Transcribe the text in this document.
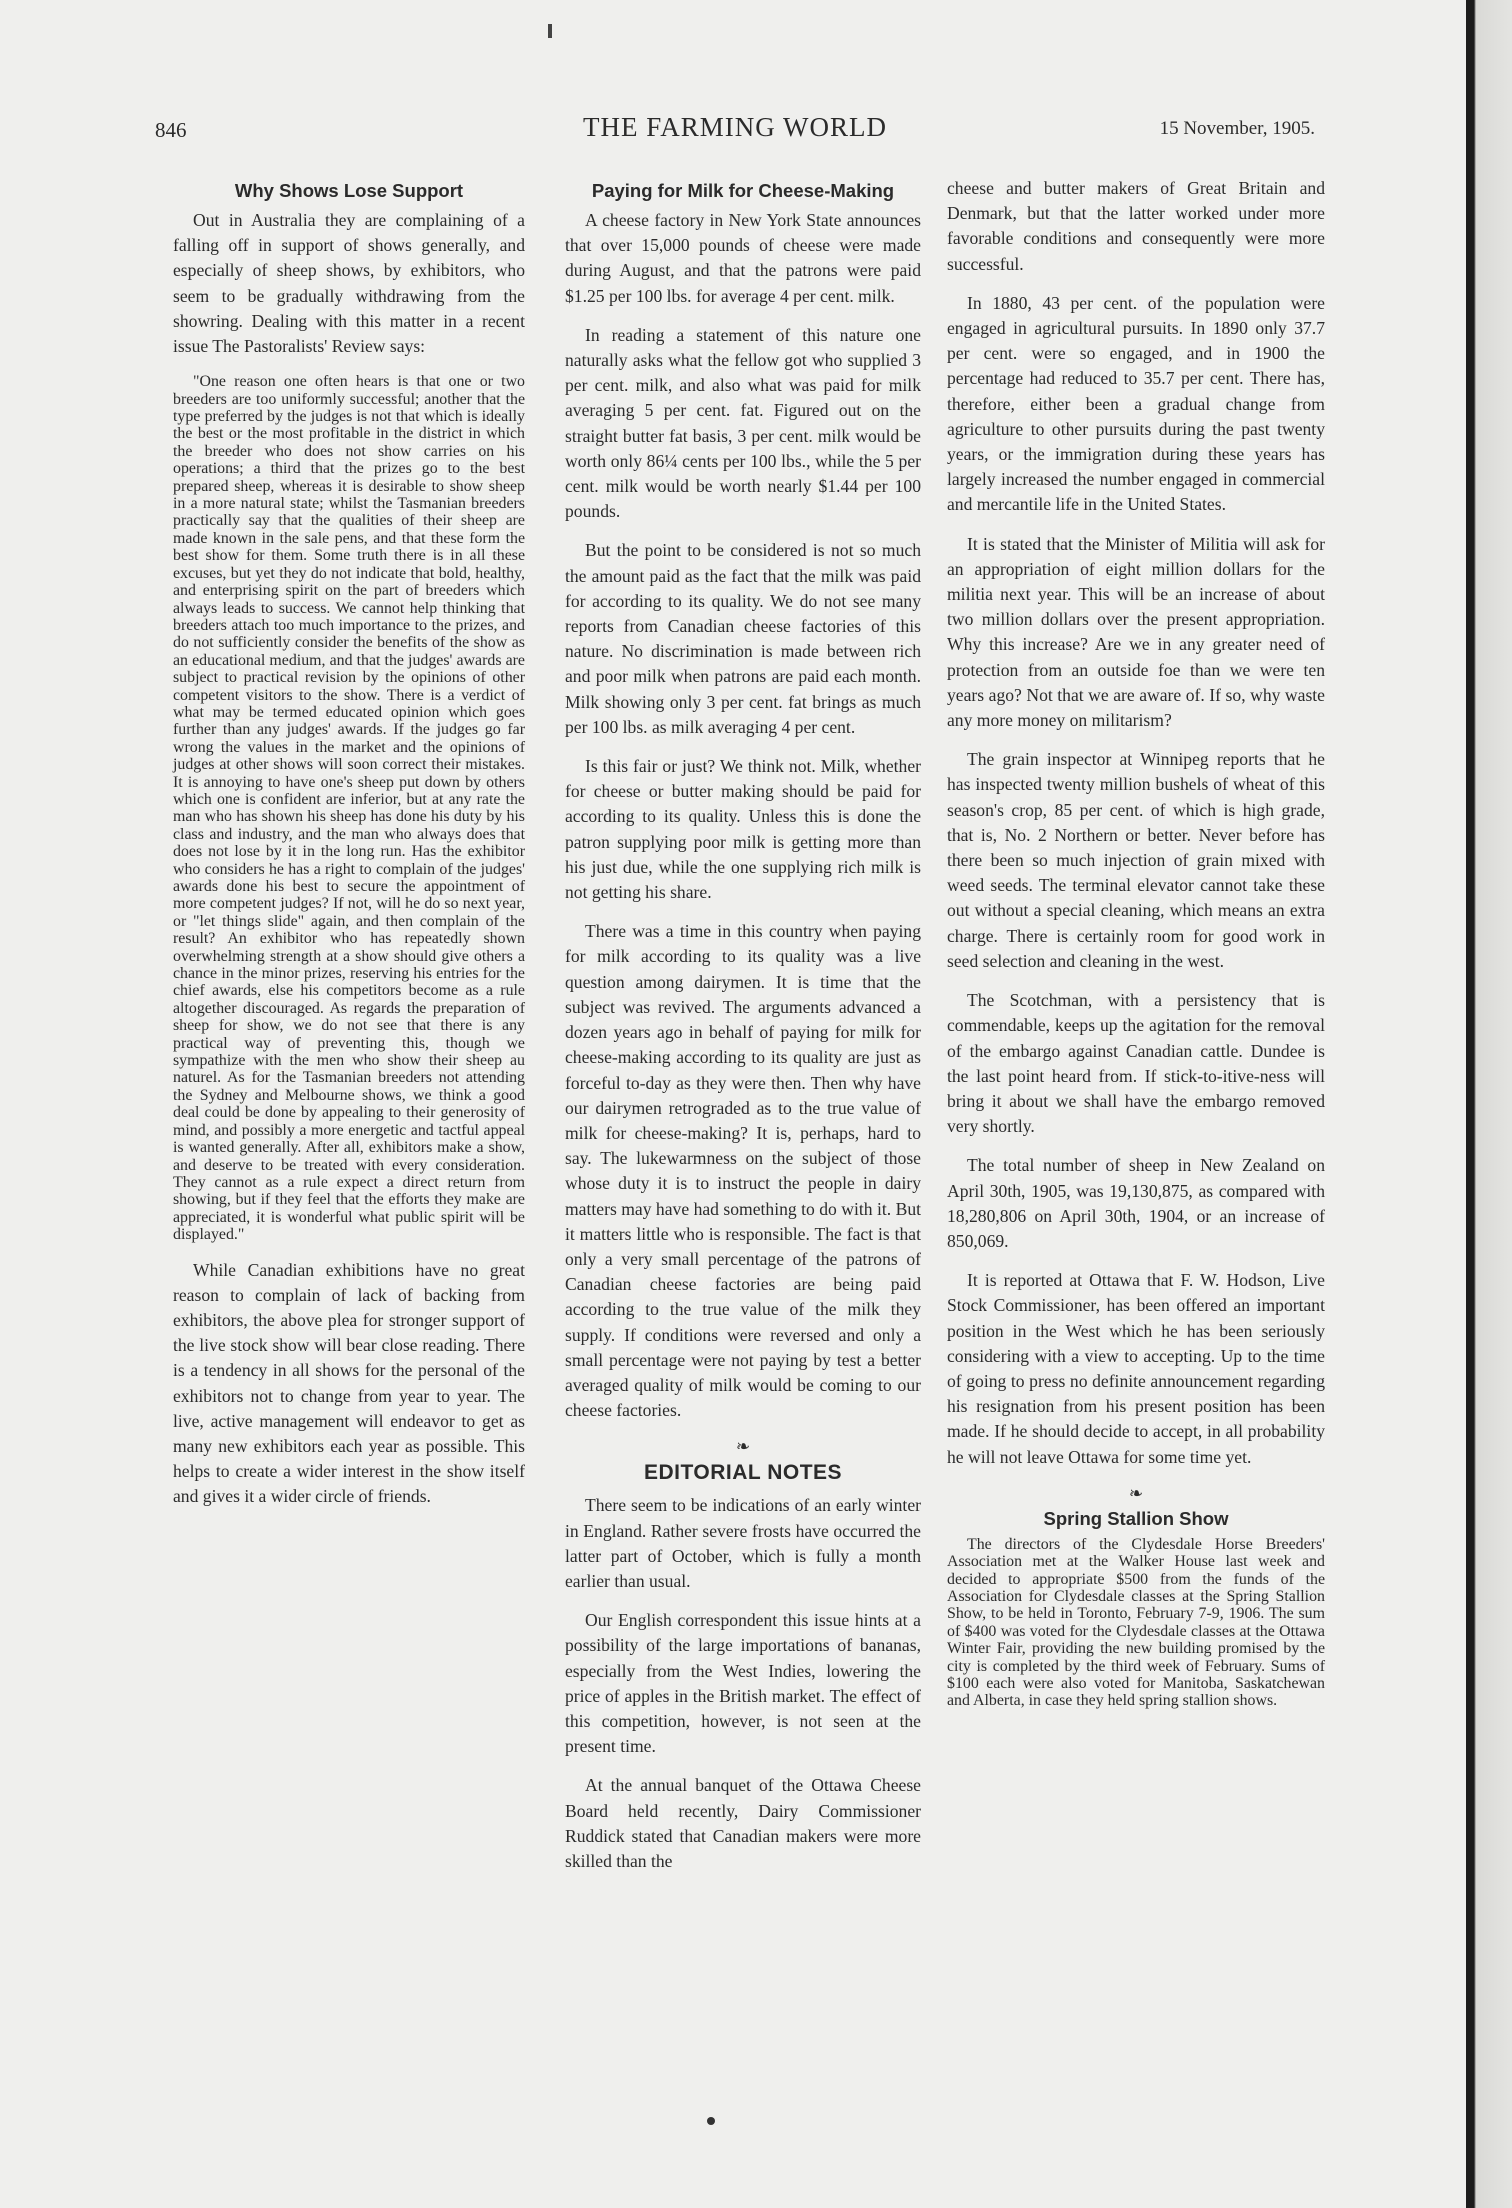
846	THE FARMING WORLD	15 November, 1905.
Why Shows Lose Support

Out in Australia they are complaining of a falling off in support of shows generally, and especially of sheep shows, by exhibitors, who seem to be gradually withdrawing from the showring. Dealing with this matter in a recent issue The Pastoralists' Review says:

"One reason one often hears is that one or two breeders are too uniformly successful; another that the type preferred by the judges is not that which is ideally the best or the most profitable in the district in which the breeder who does not show carries on his operations; a third that the prizes go to the best prepared sheep, whereas it is desirable to show sheep in a more natural state; whilst the Tasmanian breeders practically say that the qualities of their sheep are made known in the sale pens, and that these form the best show for them. Some truth there is in all these excuses, but yet they do not indicate that bold, healthy, and enterprising spirit on the part of breeders which always leads to success. We cannot help thinking that breeders attach too much importance to the prizes, and do not sufficiently consider the benefits of the show as an educational medium, and that the judges' awards are subject to practical revision by the opinions of other competent visitors to the show. There is a verdict of what may be termed educated opinion which goes further than any judges' awards. If the judges go far wrong the values in the market and the opinions of judges at other shows will soon correct their mistakes. It is annoying to have one's sheep put down by others which one is confident are inferior, but at any rate the man who has shown his sheep has done his duty by his class and industry, and the man who always does that does not lose by it in the long run. Has the exhibitor who considers he has a right to complain of the judges' awards done his best to secure the appointment of more competent judges? If not, will he do so next year, or "let things slide" again, and then complain of the result? An exhibitor who has repeatedly shown overwhelming strength at a show should give others a chance in the minor prizes, reserving his entries for the chief awards, else his competitors become as a rule altogether discouraged. As regards the preparation of sheep for show, we do not see that there is any practical way of preventing this, though we sympathize with the men who show their sheep au naturel. As for the Tasmanian breeders not attending the Sydney and Melbourne shows, we think a good deal could be done by appealing to their generosity of mind, and possibly a more energetic and tactful appeal is wanted generally. After all, exhibitors make a show, and deserve to be treated with every consideration. They cannot as a rule expect a direct return from showing, but if they feel that the efforts they make are appreciated, it is wonderful what public spirit will be displayed."

While Canadian exhibitions have no great reason to complain of lack of backing from exhibitors, the above plea for stronger support of the live stock show will bear close reading. There is a tendency in all shows for the personal of the exhibitors not to change from year to year. The live, active management will endeavor to get as many new exhibitors each year as possible. This helps to create a wider interest in the show itself and gives it a wider circle of friends.

Paying for Milk for Cheese-Making

A cheese factory in New York State announces that over 15,000 pounds of cheese were made during August, and that the patrons were paid $1.25 per 100 lbs. for average 4 per cent. milk.

In reading a statement of this nature one naturally asks what the fellow got who supplied 3 per cent. milk, and also what was paid for milk averaging 5 per cent. fat. Figured out on the straight butter fat basis, 3 per cent. milk would be worth only 86¼ cents per 100 lbs., while the 5 per cent. milk would be worth nearly $1.44 per 100 pounds.

But the point to be considered is not so much the amount paid as the fact that the milk was paid for according to its quality. We do not see many reports from Canadian cheese factories of this nature. No discrimination is made between rich and poor milk when patrons are paid each month. Milk showing only 3 per cent. fat brings as much per 100 lbs. as milk averaging 4 per cent.

Is this fair or just? We think not. Milk, whether for cheese or butter making should be paid for according to its quality. Unless this is done the patron supplying poor milk is getting more than his just due, while the one supplying rich milk is not getting his share.

There was a time in this country when paying for milk according to its quality was a live question among dairymen. It is time that the subject was revived. The arguments advanced a dozen years ago in behalf of paying for milk for cheese-making according to its quality are just as forceful to-day as they were then. Then why have our dairymen retrograded as to the true value of milk for cheese-making? It is, perhaps, hard to say. The lukewarmness on the subject of those whose duty it is to instruct the people in dairy matters may have had something to do with it. But it matters little who is responsible. The fact is that only a very small percentage of the patrons of Canadian cheese factories are being paid according to the true value of the milk they supply. If conditions were reversed and only a small percentage were not paying by test a better averaged quality of milk would be coming to our cheese factories.

❧
EDITORIAL NOTES

There seem to be indications of an early winter in England. Rather severe frosts have occurred the latter part of October, which is fully a month earlier than usual.

Our English correspondent this issue hints at a possibility of the large importations of bananas, especially from the West Indies, lowering the price of apples in the British market. The effect of this competition, however, is not seen at the present time.

At the annual banquet of the Ottawa Cheese Board held recently, Dairy Commissioner Ruddick stated that Canadian makers were more skilled than the

cheese and butter makers of Great Britain and Denmark, but that the latter worked under more favorable conditions and consequently were more successful.

In 1880, 43 per cent. of the population were engaged in agricultural pursuits. In 1890 only 37.7 per cent. were so engaged, and in 1900 the percentage had reduced to 35.7 per cent. There has, therefore, either been a gradual change from agriculture to other pursuits during the past twenty years, or the immigration during these years has largely increased the number engaged in commercial and mercantile life in the United States.

It is stated that the Minister of Militia will ask for an appropriation of eight million dollars for the militia next year. This will be an increase of about two million dollars over the present appropriation. Why this increase? Are we in any greater need of protection from an outside foe than we were ten years ago? Not that we are aware of. If so, why waste any more money on militarism?

The grain inspector at Winnipeg reports that he has inspected twenty million bushels of wheat of this season's crop, 85 per cent. of which is high grade, that is, No. 2 Northern or better. Never before has there been so much injection of grain mixed with weed seeds. The terminal elevator cannot take these out without a special cleaning, which means an extra charge. There is certainly room for good work in seed selection and cleaning in the west.

The Scotchman, with a persistency that is commendable, keeps up the agitation for the removal of the embargo against Canadian cattle. Dundee is the last point heard from. If stick-to-itive-ness will bring it about we shall have the embargo removed very shortly.

The total number of sheep in New Zealand on April 30th, 1905, was 19,130,875, as compared with 18,280,806 on April 30th, 1904, or an increase of 850,069.

It is reported at Ottawa that F. W. Hodson, Live Stock Commissioner, has been offered an important position in the West which he has been seriously considering with a view to accepting. Up to the time of going to press no definite announcement regarding his resignation from his present position has been made. If he should decide to accept, in all probability he will not leave Ottawa for some time yet.

❧
Spring Stallion Show

The directors of the Clydesdale Horse Breeders' Association met at the Walker House last week and decided to appropriate $500 from the funds of the Association for Clydesdale classes at the Spring Stallion Show, to be held in Toronto, February 7-9, 1906. The sum of $400 was voted for the Clydesdale classes at the Ottawa Winter Fair, providing the new building promised by the city is completed by the third week of February. Sums of $100 each were also voted for Manitoba, Saskatchewan and Alberta, in case they held spring stallion shows.
